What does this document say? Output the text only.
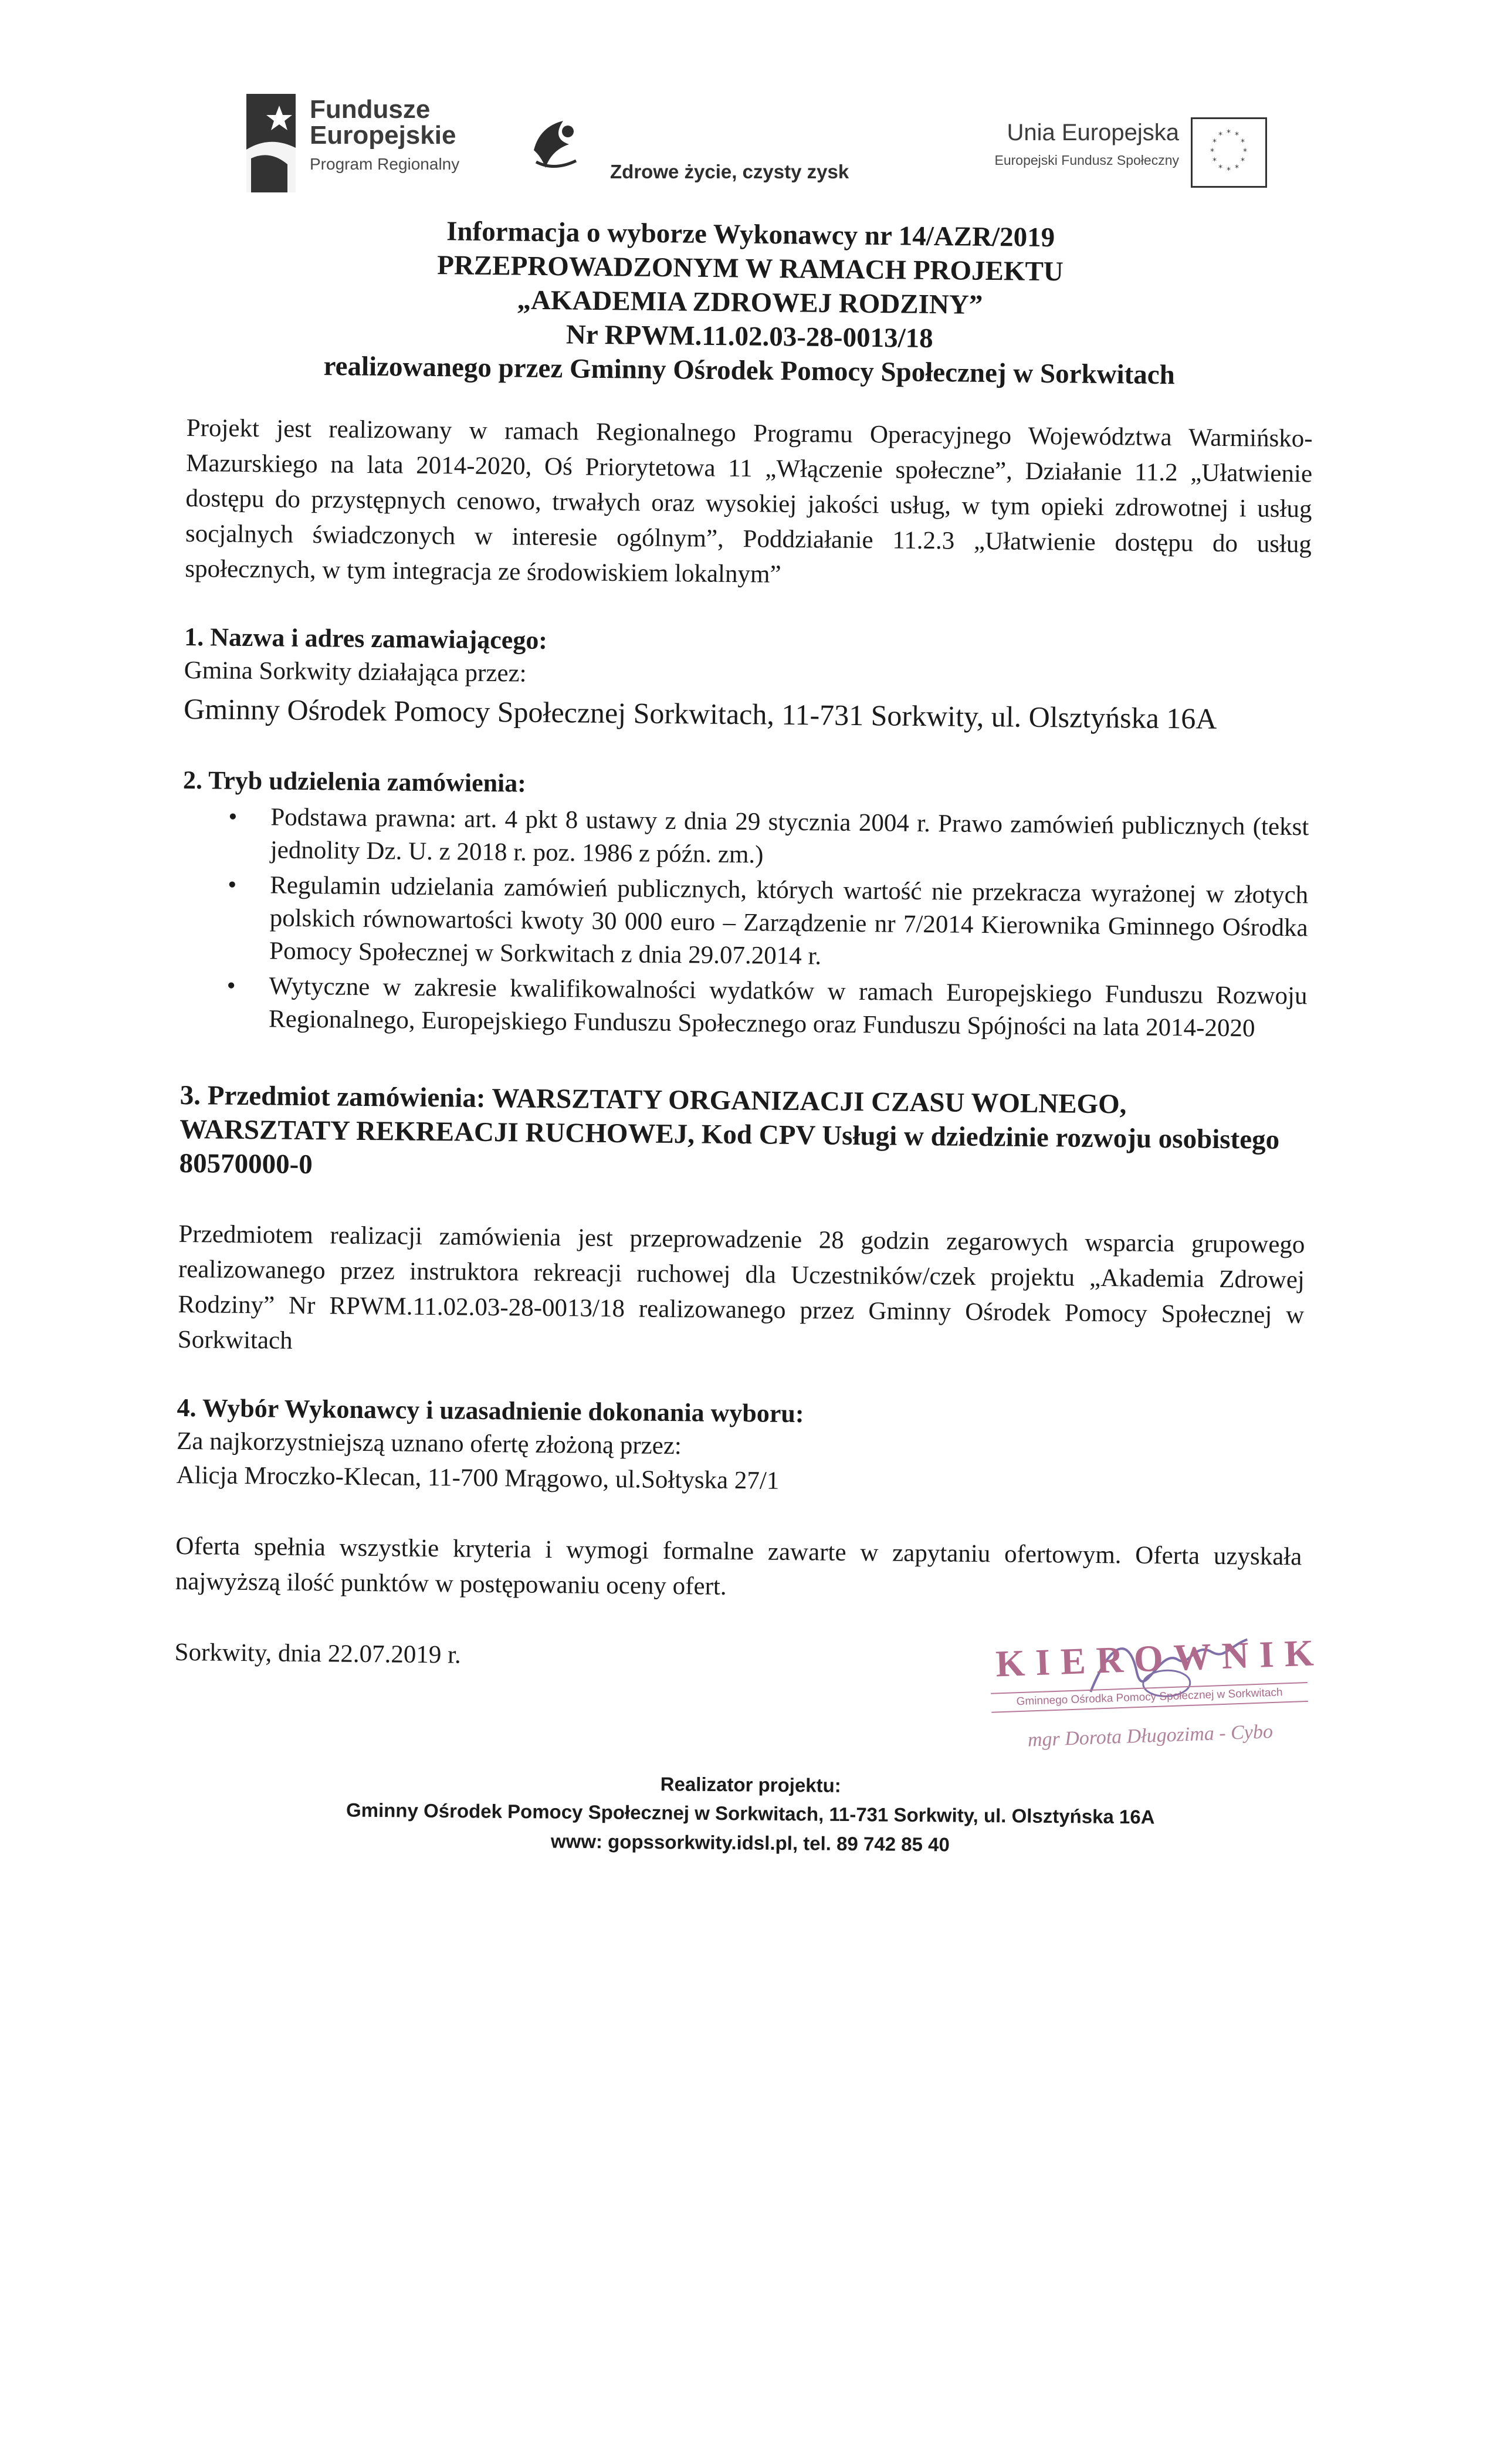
Fundusze
Europejskie
Program Regionalny	Zdrowe życie, czysty zysk
Unia Europejska
Europejski Fundusz Społeczny
* *
*
*
*
*
*
*
*
*
*
*
Informacja o wyborze Wykonawcy nr 14/AZR/2019
PRZEPROWADZONYM W RAMACH PROJEKTU
„AKADEMIA ZDROWEJ RODZINY”
Nr RPWM.11.02.03-28-0013/18
realizowanego przez Gminny Ośrodek Pomocy Społecznej w Sorkwitach

Projekt jest realizowany w ramach Regionalnego Programu Operacyjnego Województwa Warmińsko-Mazurskiego na lata 2014-2020, Oś Priorytetowa 11 „Włączenie społeczne”, Działanie 11.2 „Ułatwienie dostępu do przystępnych cenowo, trwałych oraz wysokiej jakości usług, w tym opieki zdrowotnej i usług socjalnych świadczonych w interesie ogólnym”, Poddziałanie 11.2.3 „Ułatwienie dostępu do usług społecznych, w tym integracja ze środowiskiem lokalnym”

1. Nazwa i adres zamawiającego:
Gmina Sorkwity działająca przez:
Gminny Ośrodek Pomocy Społecznej Sorkwitach, 11-731 Sorkwity, ul. Olsztyńska 16A
2. Tryb udzielenia zamówienia:
• Podstawa prawna: art. 4 pkt 8 ustawy z dnia 29 stycznia 2004 r. Prawo zamówień publicznych (tekst jednolity Dz. U. z 2018 r. poz. 1986 z późn. zm.)
• Regulamin udzielania zamówień publicznych, których wartość nie przekracza wyrażonej w złotych polskich równowartości kwoty 30 000 euro – Zarządzenie nr 7/2014 Kierownika Gminnego Ośrodka Pomocy Społecznej w Sorkwitach z dnia 29.07.2014 r.
• Wytyczne w zakresie kwalifikowalności wydatków w ramach Europejskiego Funduszu Rozwoju Regionalnego, Europejskiego Funduszu Społecznego oraz Funduszu Spójności na lata 2014-2020
3. Przedmiot zamówienia: WARSZTATY ORGANIZACJI CZASU WOLNEGO,
WARSZTATY REKREACJI RUCHOWEJ, Kod CPV Usługi w dziedzinie rozwoju osobistego
80570000-0

Przedmiotem realizacji zamówienia jest przeprowadzenie 28 godzin zegarowych wsparcia grupowego realizowanego przez instruktora rekreacji ruchowej dla Uczestników/czek projektu „Akademia Zdrowej Rodziny” Nr RPWM.11.02.03-28-0013/18 realizowanego przez Gminny Ośrodek Pomocy Społecznej w Sorkwitach

4. Wybór Wykonawcy i uzasadnienie dokonania wyboru:
Za najkorzystniejszą uznano ofertę złożoną przez:
Alicja Mroczko-Klecan, 11-700 Mrągowo, ul.Sołtyska 27/1

Oferta spełnia wszystkie kryteria i wymogi formalne zawarte w zapytaniu ofertowym. Oferta uzyskała najwyższą ilość punktów w postępowaniu oceny ofert.

Sorkwity, dnia 22.07.2019 r.	KIEROWNIK
Gminnego Ośrodka Pomocy Społecznej w Sorkwitach
mgr Dorota Długozima - Cybo
Realizator projektu:
Gminny Ośrodek Pomocy Społecznej w Sorkwitach, 11-731 Sorkwity, ul. Olsztyńska 16A
www: gopssorkwity.idsl.pl, tel. 89 742 85 40
